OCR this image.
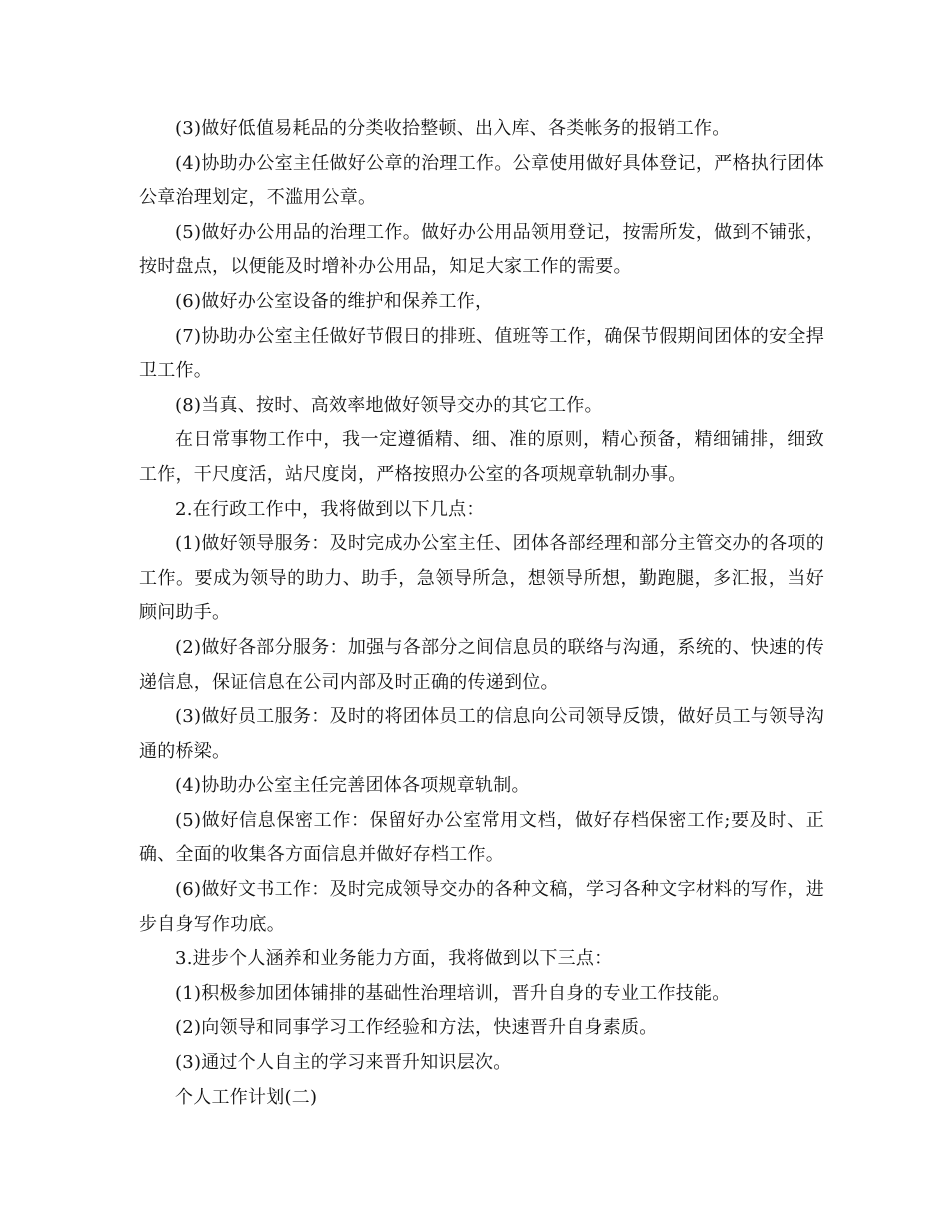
(3)做好低值易耗品的分类收拾整顿、出入库、各类帐务的报销工作。

(4)协助办公室主任做好公章的治理工作。公章使用做好具体登记，严格执行团体公章治理划定，不滥用公章。

(5)做好办公用品的治理工作。做好办公用品领用登记，按需所发，做到不铺张，按时盘点，以便能及时增补办公用品，知足大家工作的需要。

(6)做好办公室设备的维护和保养工作，

(7)协助办公室主任做好节假日的排班、值班等工作，确保节假期间团体的安全捍卫工作。

(8)当真、按时、高效率地做好领导交办的其它工作。

在日常事物工作中，我一定遵循精、细、准的原则，精心预备，精细铺排，细致工作，干尺度活，站尺度岗，严格按照办公室的各项规章轨制办事。

2.在行政工作中，我将做到以下几点：

(1)做好领导服务：及时完成办公室主任、团体各部经理和部分主管交办的各项的工作。要成为领导的助力、助手，急领导所急，想领导所想，勤跑腿，多汇报，当好顾问助手。

(2)做好各部分服务：加强与各部分之间信息员的联络与沟通，系统的、快速的传递信息，保证信息在公司内部及时正确的传递到位。

(3)做好员工服务：及时的将团体员工的信息向公司领导反馈，做好员工与领导沟通的桥梁。

(4)协助办公室主任完善团体各项规章轨制。

(5)做好信息保密工作：保留好办公室常用文档，做好存档保密工作;要及时、正确、全面的收集各方面信息并做好存档工作。

(6)做好文书工作：及时完成领导交办的各种文稿，学习各种文字材料的写作，进步自身写作功底。

3.进步个人涵养和业务能力方面，我将做到以下三点：

(1)积极参加团体铺排的基础性治理培训，晋升自身的专业工作技能。

(2)向领导和同事学习工作经验和方法，快速晋升自身素质。

(3)通过个人自主的学习来晋升知识层次。

个人工作计划(二)
